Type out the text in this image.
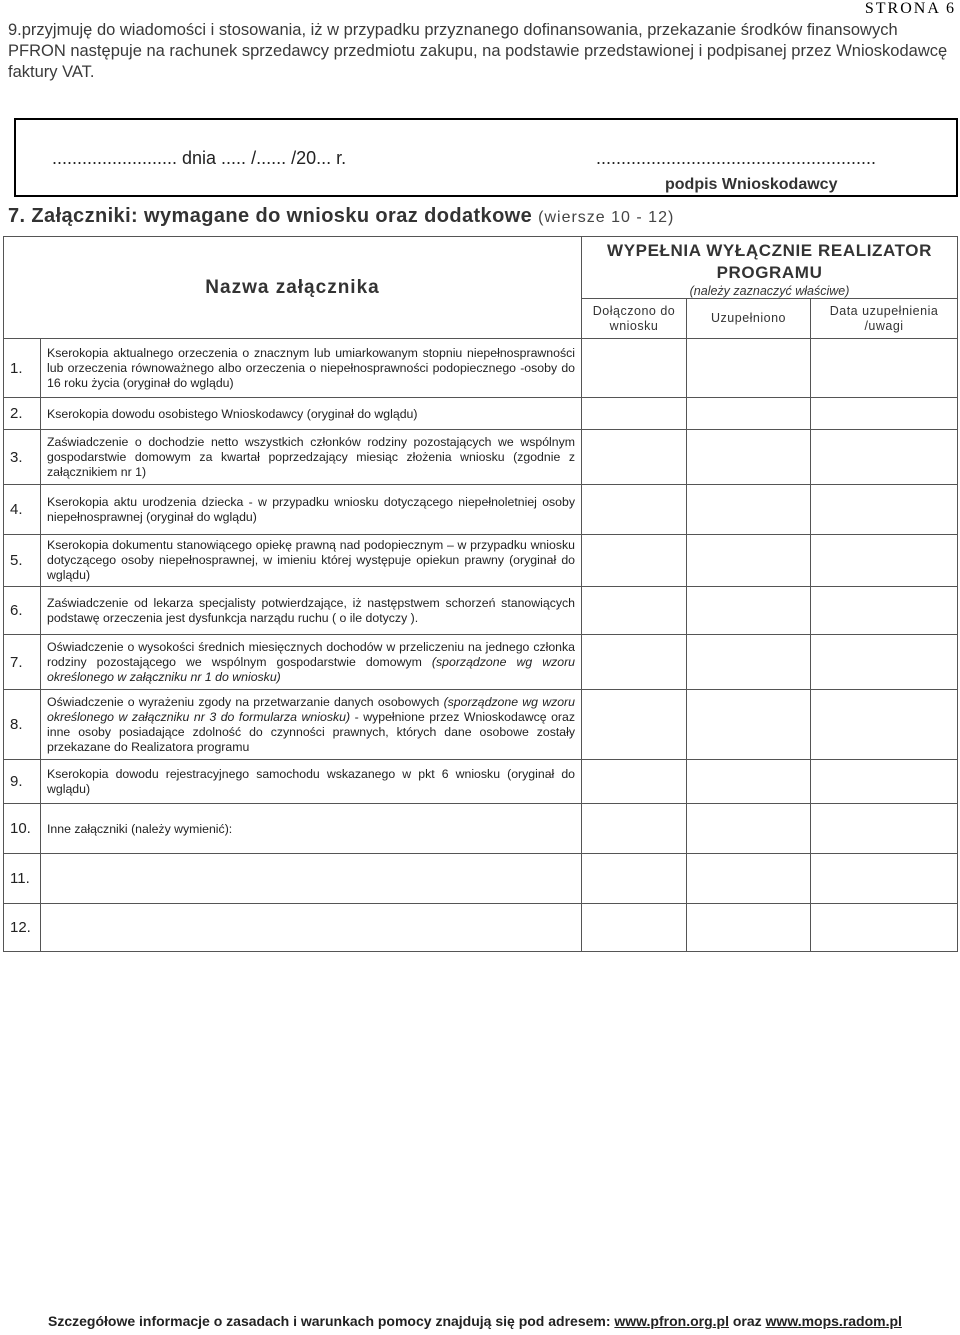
STRONA 6
9.przyjmuję do wiadomości i stosowania, iż w przypadku przyznanego dofinansowania, przekazanie środków finansowych PFRON następuje na rachunek sprzedawcy przedmiotu zakupu, na podstawie przedstawionej i podpisanej przez Wnioskodawcę faktury VAT.
......................... dnia ..... /...... /20... r.	........................................................
podpis Wnioskodawcy
7. Załączniki: wymagane do wniosku oraz dodatkowe (wiersze 10 - 12)
Nazwa załącznika		WYPEŁNIA WYŁĄCZNIE REALIZATOR PROGRAMU
(należy zaznaczyć właściwe)		

		Dołączono do wniosku	Uzupełniono	Data uzupełnienia /uwagi
1.	Kserokopia aktualnego orzeczenia o znacznym lub umiarkowanym stopniu niepełnosprawności lub orzeczenia równoważnego albo orzeczenia o niepełnosprawności podopiecznego -osoby do 16 roku życia (oryginał do wglądu)			
2.	Kserokopia dowodu osobistego Wnioskodawcy (oryginał do wglądu)			
3.	Zaświadczenie o dochodzie netto wszystkich członków rodziny pozostających we wspólnym gospodarstwie domowym za kwartał poprzedzający miesiąc złożenia wniosku (zgodnie z załącznikiem nr 1)			
4.	Kserokopia aktu urodzenia dziecka - w przypadku wniosku dotyczącego niepełnoletniej osoby niepełnosprawnej (oryginał do wglądu)			
5.	Kserokopia dokumentu stanowiącego opiekę prawną nad podopiecznym – w przypadku wniosku dotyczącego osoby niepełnosprawnej, w imieniu której występuje opiekun prawny (oryginał do wglądu)			
6.	Zaświadczenie od lekarza specjalisty potwierdzające, iż następstwem schorzeń stanowiących podstawę orzeczenia jest dysfunkcja narządu ruchu ( o ile dotyczy ).			
7.	Oświadczenie o wysokości średnich miesięcznych dochodów w przeliczeniu na jednego członka rodziny pozostającego we wspólnym gospodarstwie domowym (sporządzone wg wzoru określonego w załączniku nr 1 do wniosku)			
8.	Oświadczenie o wyrażeniu zgody na przetwarzanie danych osobowych (sporządzone wg wzoru określonego w załączniku nr 3 do formularza wniosku) - wypełnione przez Wnioskodawcę oraz inne osoby posiadające zdolność do czynności prawnych, których dane osobowe zostały przekazane do Realizatora programu			
9.	Kserokopia dowodu rejestracyjnego samochodu wskazanego w pkt 6 wniosku (oryginał do wglądu)			
10.	Inne załączniki (należy wymienić):			
11.				
12.				
Szczegółowe informacje o zasadach i warunkach pomocy znajdują się pod adresem: www.pfron.org.pl oraz www.mops.radom.pl
